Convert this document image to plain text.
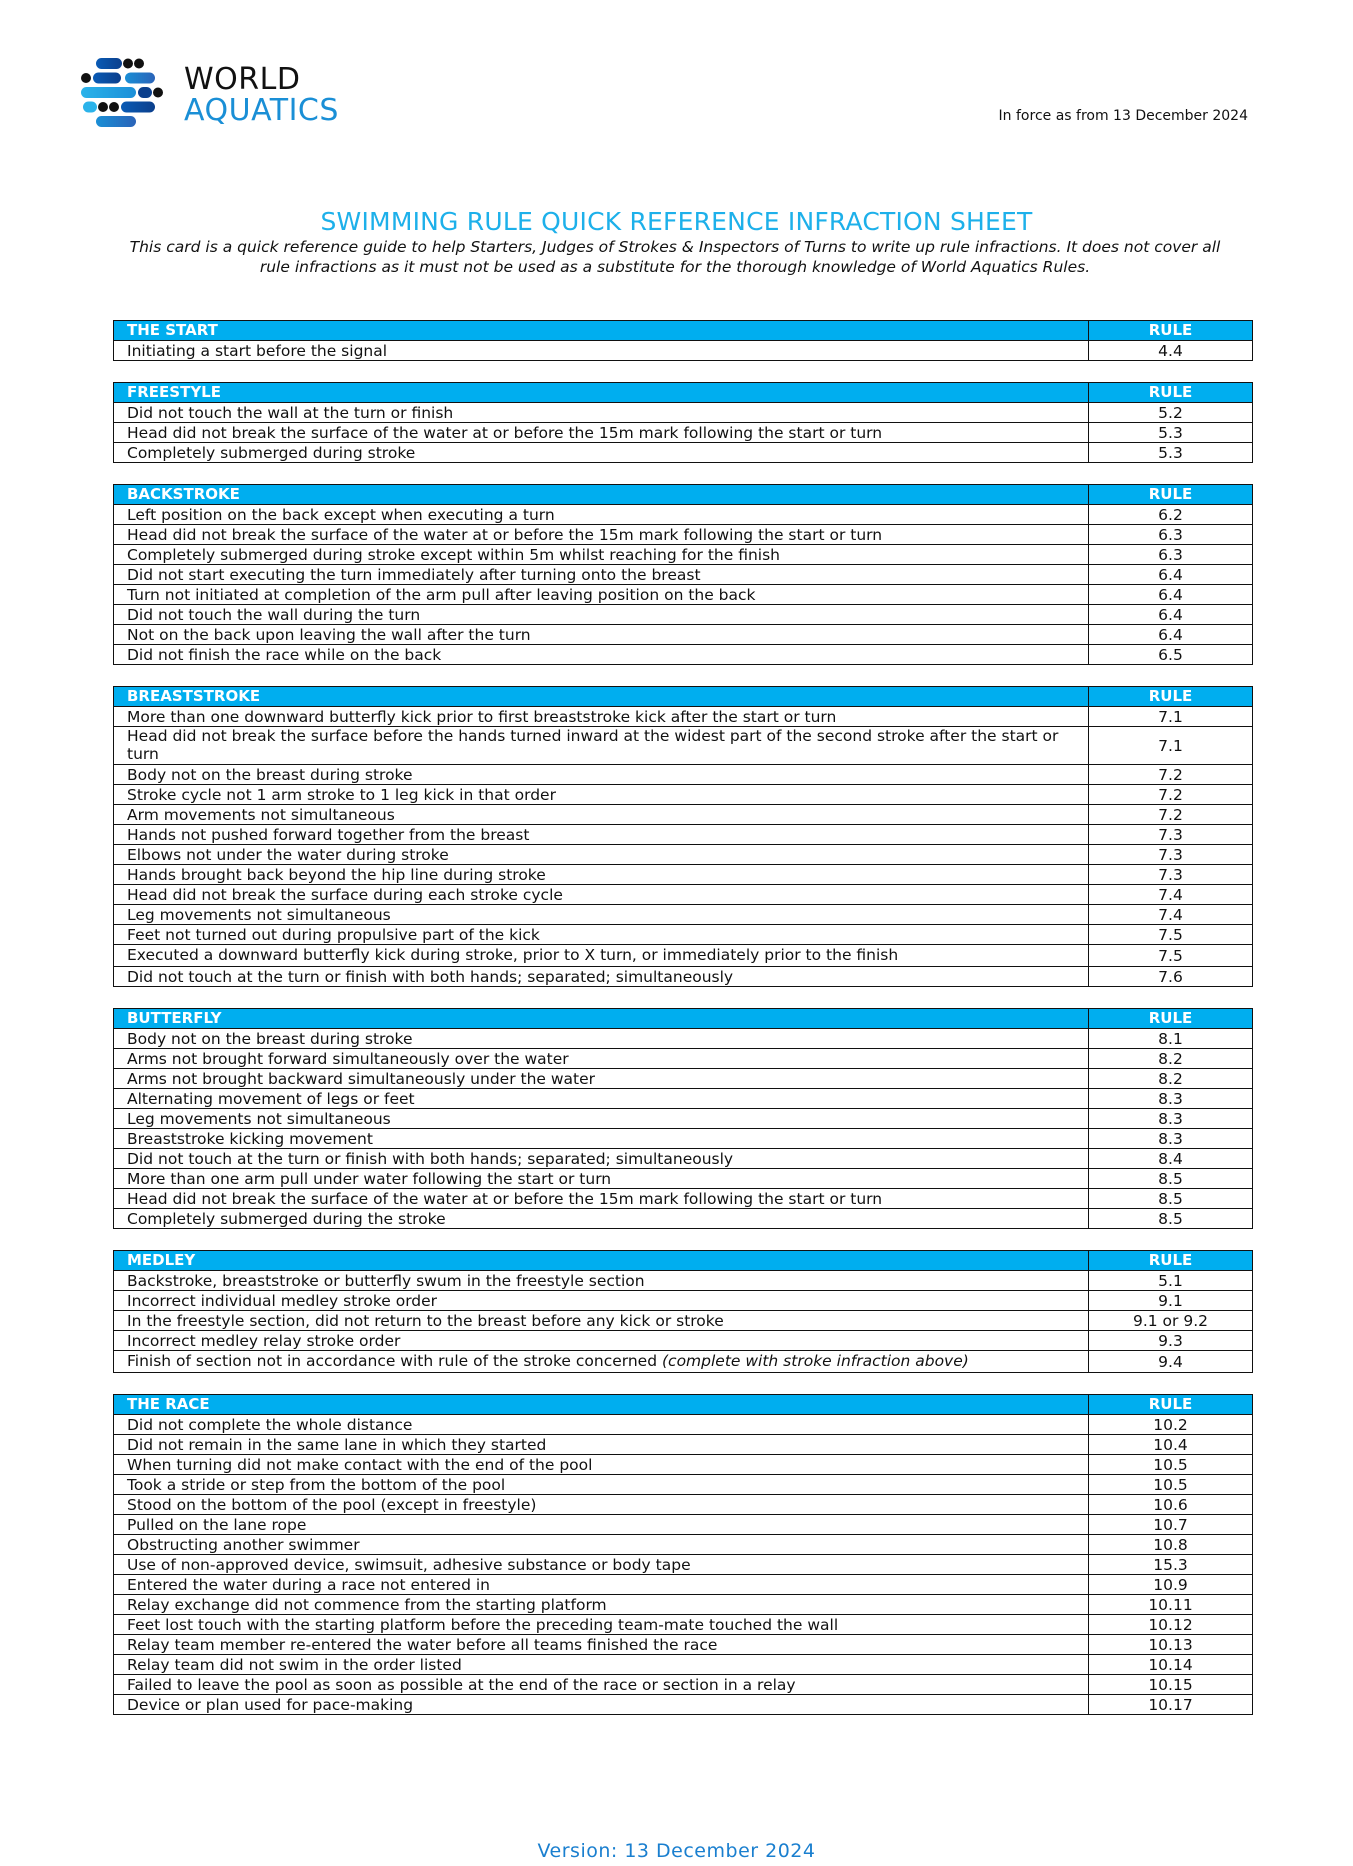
WORLD
AQUATICS	In force as from 13 December 2024
SWIMMING RULE QUICK REFERENCE INFRACTION SHEET
This card is a quick reference guide to help Starters, Judges of Strokes & Inspectors of Turns to write up rule infractions. It does not cover all rule infractions as it must not be used as a substitute for the thorough knowledge of World Aquatics Rules.
THE START	RULE
Initiating a start before the signal	4.4
FREESTYLE	RULE
Did not touch the wall at the turn or finish	5.2
Head did not break the surface of the water at or before the 15m mark following the start or turn	5.3
Completely submerged during stroke	5.3
BACKSTROKE	RULE
Left position on the back except when executing a turn	6.2
Head did not break the surface of the water at or before the 15m mark following the start or turn	6.3
Completely submerged during stroke except within 5m whilst reaching for the finish	6.3
Did not start executing the turn immediately after turning onto the breast	6.4
Turn not initiated at completion of the arm pull after leaving position on the back	6.4
Did not touch the wall during the turn	6.4
Not on the back upon leaving the wall after the turn	6.4
Did not finish the race while on the back	6.5
BREASTSTROKE	RULE
More than one downward butterfly kick prior to first breaststroke kick after the start or turn	7.1
Head did not break the surface before the hands turned inward at the widest part of the second stroke after the start or turn	7.1
Body not on the breast during stroke	7.2
Stroke cycle not 1 arm stroke to 1 leg kick in that order	7.2
Arm movements not simultaneous	7.2
Hands not pushed forward together from the breast	7.3
Elbows not under the water during stroke	7.3
Hands brought back beyond the hip line during stroke	7.3
Head did not break the surface during each stroke cycle	7.4
Leg movements not simultaneous	7.4
Feet not turned out during propulsive part of the kick	7.5
Executed a downward butterfly kick during stroke, prior to X turn, or immediately prior to the finish	7.5
Did not touch at the turn or finish with both hands; separated; simultaneously	7.6
BUTTERFLY	RULE
Body not on the breast during stroke	8.1
Arms not brought forward simultaneously over the water	8.2
Arms not brought backward simultaneously under the water	8.2
Alternating movement of legs or feet	8.3
Leg movements not simultaneous	8.3
Breaststroke kicking movement	8.3
Did not touch at the turn or finish with both hands; separated; simultaneously	8.4
More than one arm pull under water following the start or turn	8.5
Head did not break the surface of the water at or before the 15m mark following the start or turn	8.5
Completely submerged during the stroke	8.5
MEDLEY	RULE
Backstroke, breaststroke or butterfly swum in the freestyle section	5.1
Incorrect individual medley stroke order	9.1
In the freestyle section, did not return to the breast before any kick or stroke	9.1 or 9.2
Incorrect medley relay stroke order	9.3
Finish of section not in accordance with rule of the stroke concerned (complete with stroke infraction above)	9.4
THE RACE	RULE
Did not complete the whole distance	10.2
Did not remain in the same lane in which they started	10.4
When turning did not make contact with the end of the pool	10.5
Took a stride or step from the bottom of the pool	10.5
Stood on the bottom of the pool (except in freestyle)	10.6
Pulled on the lane rope	10.7
Obstructing another swimmer	10.8
Use of non-approved device, swimsuit, adhesive substance or body tape	15.3
Entered the water during a race not entered in	10.9
Relay exchange did not commence from the starting platform	10.11
Feet lost touch with the starting platform before the preceding team-mate touched the wall	10.12
Relay team member re-entered the water before all teams finished the race	10.13
Relay team did not swim in the order listed	10.14
Failed to leave the pool as soon as possible at the end of the race or section in a relay	10.15
Device or plan used for pace-making	10.17
Version: 13 December 2024
